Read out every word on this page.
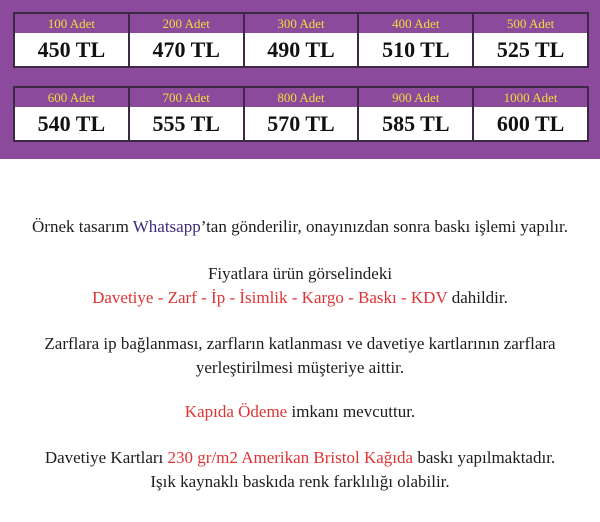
100 Adet
450 TL
200 Adet
470 TL
300 Adet
490 TL
400 Adet
510 TL
500 Adet
525 TL
600 Adet
540 TL
700 Adet
555 TL
800 Adet
570 TL
900 Adet
585 TL
1000 Adet
600 TL
Örnek tasarım Whatsapp’tan gönderilir, onayınızdan sonra baskı işlemi yapılır.
Fiyatlara ürün görselindeki
Davetiye - Zarf - İp - İsimlik - Kargo - Baskı - KDV dahildir.
Zarflara ip bağlanması, zarfların katlanması ve davetiye kartlarının zarflara
yerleştirilmesi müşteriye aittir.
Kapıda Ödeme imkanı mevcuttur.
Davetiye Kartları 230 gr/m2 Amerikan Bristol Kağıda baskı yapılmaktadır.
Işık kaynaklı baskıda renk farklılığı olabilir.
